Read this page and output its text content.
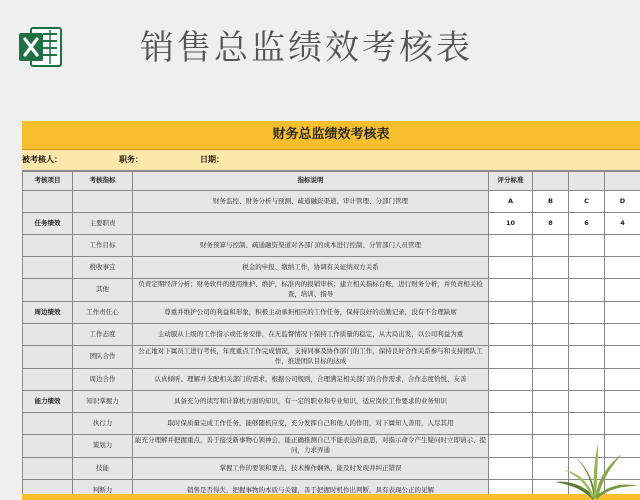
销售总监绩效考核表
财务总监绩效考核表
被考核人：	职务：	日期：
考核项目	考核指标	指标说明	评分标准			
		财务监控、财务分析与预测、疏通融资渠道、审计管理、分部门管理	A	B	C	D
任务绩效	主要职责		10	8	6	4
	工作目标	财务预算与控制、疏通融资渠道对各部门的成本进行控制、分管部门人员管理				
	税收事宜	税金的申报、缴纳工作，协调有关征纳双方关系				
	其他	负责定期经济分析；财务软件的使用维护、维护，标准内的报销审核；建立相关指标台账，进行财务分析，并负责相关检查、培训、指导				
周边绩效	工作责任心	尊重并维护公司的利益和形象，积极主动承担相应的工作任务，保持良好的出勤记录，没有不合理缺席				
	工作态度	主动服从上级的工作指示或任务安排，在无监督情况下保持工作质量的稳定，从大局出发，以公司利益为重				
	团队合作	公正地对下属员工进行考核，年度重点工作完成情况，支持同事及协作部门的工作，保持良好合作关系参与和支持团队工作，推进团队目标的达成				
	周边合作	认真倾听、理解并支配相关部门的需求，根据公司规则，合理满足相关部门的合作需求，合作态度恰悦、友善				
能力绩效	知识掌握力	具备充分的读写和计算机方面的知识，有一定的职业和专业知识，适应岗位工作要求的业务知识				
	执行力	取时保质量完成工作任务，能够随机应变，充分发挥自己和他人的作用，对下属知人善用，人尽其用				
	策划力	能充分理解并把握重点，善于接受新事物心领神会，能正确推测自己不能表达的意思，对指示命令产生疑问时立即请示、提问，力求弄通				
	技能	掌握工作的要领和要点，技术操作娴熟，能及时发现并纠正错误				
	判断力	销售是否得失，把握事物的本质与关键，善于把握时机作出判断，具有表现公正的见解				
